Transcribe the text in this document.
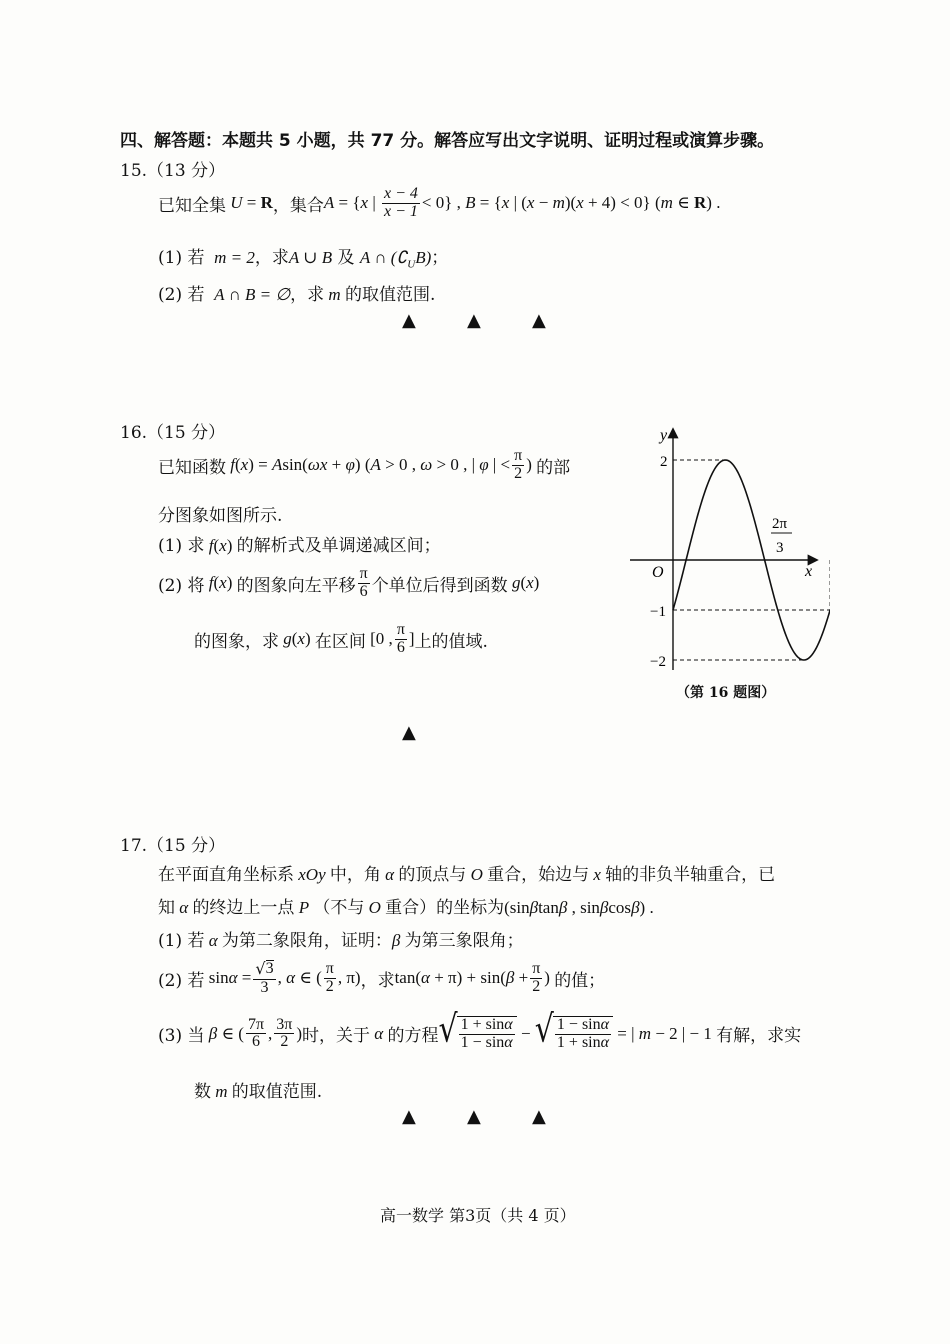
四、解答题：本题共 5 小题，共 77 分。解答应写出文字说明、证明过程或演算步骤。
15.（13 分）
已知全集 U = R ，集合 A = { x | $\frac{x - 4}{x - 1} < 0$} , B = {x | (x − m)(x + 4) < 0} (m ∈ R) .
(1) 若  m = 2，求A ∪ B 及 A ∩ $(∁_UB)$；
(2) 若  A ∩ B = ∅，求 m 的取值范围.
▲	▲	▲
16.（15 分）
已知函数 f(x) = Asin(ωx + φ) (A > 0 , ω > 0 , | φ | < $\frac{\pi}{2}$ ) 的部
分图象如图所示.
(1) 求 f(x) 的解析式及单调递减区间；
(2) 将 f(x) 的图象向左平移 $\frac{\pi}{6}$ 个单位后得到函数 g(x)
的图象，求 g(x) 在区间 [0 , $\frac{\pi}{6}$ ] 上的值域.
y
x
O
2
−1
−2
2π
3
（第 16 题图）
▲
17.（15 分）
在平面直角坐标系 xOy 中，角 α 的顶点与 O 重合，始边与 x 轴的非负半轴重合，已
知 α 的终边上一点 P （不与 O 重合）的坐标为(sinβtanβ , sinβcosβ) .
(1) 若 α 为第二象限角，证明：β 为第三象限角；
(2) 若 $\sin\alpha = \frac{√ 3}{3}$ , α ∈ ( $\frac{\pi}{2}$ , π) ，求 $\tan(\alpha + \pi) + \sin(\beta + \frac{\pi}{2}$ ) 的值；
(3) 当 β ∈ ( $\frac{7\pi}{6}$ , $\frac{3\pi}{2}$ ) 时，关于 α 的方程 √ $\frac{1 + \sin\alpha}{1 - \sin\alpha}$ − √ $\frac{1 - \sin\alpha}{1 + \sin\alpha}$ = | m − 2 | − 1 有解，求实
数 m 的取值范围.
▲	▲	▲
高一数学 第3页（共 4 页）
